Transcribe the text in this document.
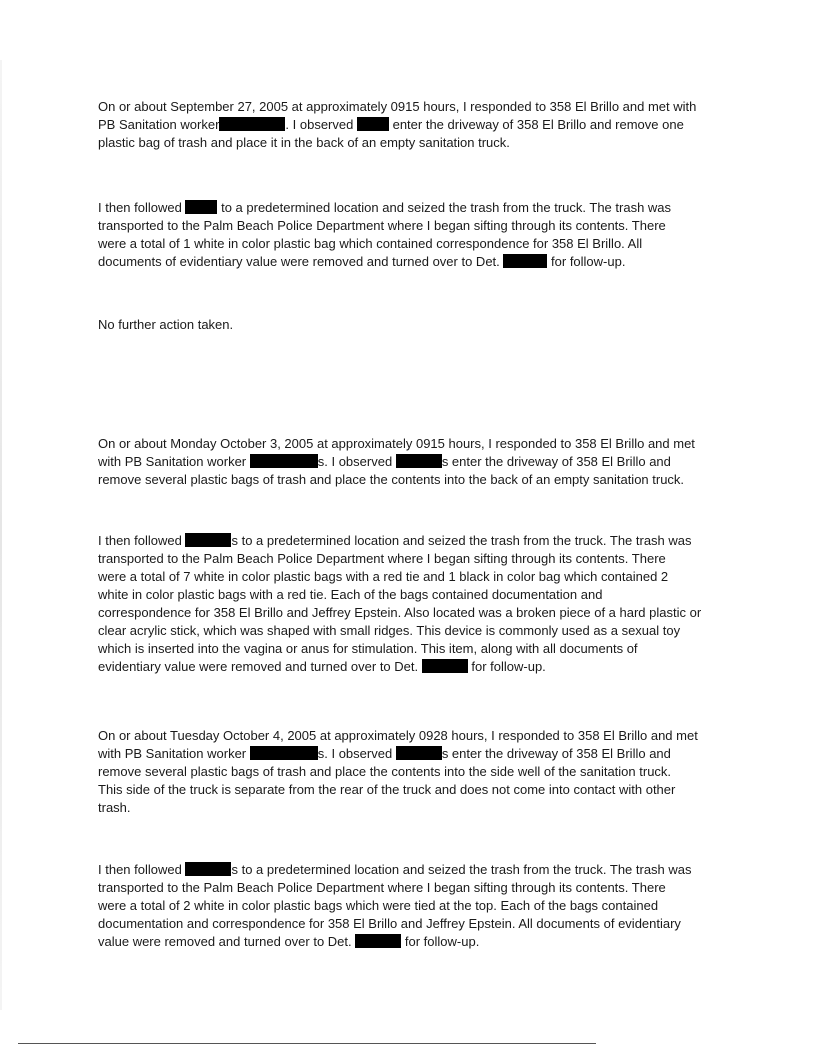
On or about September 27, 2005 at approximately 0915 hours, I responded to 358 El Brillo and met with
PB Sanitation worker	. I observed	enter the driveway of 358 El Brillo and remove one
plastic bag of trash and place it in the back of an empty sanitation truck.
I then followed	to a predetermined location and seized the trash from the truck. The trash was
transported to the Palm Beach Police Department where I began sifting through its contents. There
were a total of 1 white in color plastic bag which contained correspondence for 358 El Brillo. All
documents of evidentiary value were removed and turned over to Det.	for follow-up.
No further action taken.
On or about Monday October 3, 2005 at approximately 0915 hours, I responded to 358 El Brillo and met
with PB Sanitation worker	s. I observed	s enter the driveway of 358 El Brillo and
remove several plastic bags of trash and place the contents into the back of an empty sanitation truck.
I then followed	s to a predetermined location and seized the trash from the truck. The trash was
transported to the Palm Beach Police Department where I began sifting through its contents. There
were a total of 7 white in color plastic bags with a red tie and 1 black in color bag which contained 2
white in color plastic bags with a red tie. Each of the bags contained documentation and
correspondence for 358 El Brillo and Jeffrey Epstein. Also located was a broken piece of a hard plastic or
clear acrylic stick, which was shaped with small ridges. This device is commonly used as a sexual toy
which is inserted into the vagina or anus for stimulation. This item, along with all documents of
evidentiary value were removed and turned over to Det.	for follow-up.
On or about Tuesday October 4, 2005 at approximately 0928 hours, I responded to 358 El Brillo and met
with PB Sanitation worker	s. I observed	s enter the driveway of 358 El Brillo and
remove several plastic bags of trash and place the contents into the side well of the sanitation truck.
This side of the truck is separate from the rear of the truck and does not come into contact with other
trash.
I then followed	s to a predetermined location and seized the trash from the truck. The trash was
transported to the Palm Beach Police Department where I began sifting through its contents. There
were a total of 2 white in color plastic bags which were tied at the top. Each of the bags contained
documentation and correspondence for 358 El Brillo and Jeffrey Epstein. All documents of evidentiary
value were removed and turned over to Det.	for follow-up.
